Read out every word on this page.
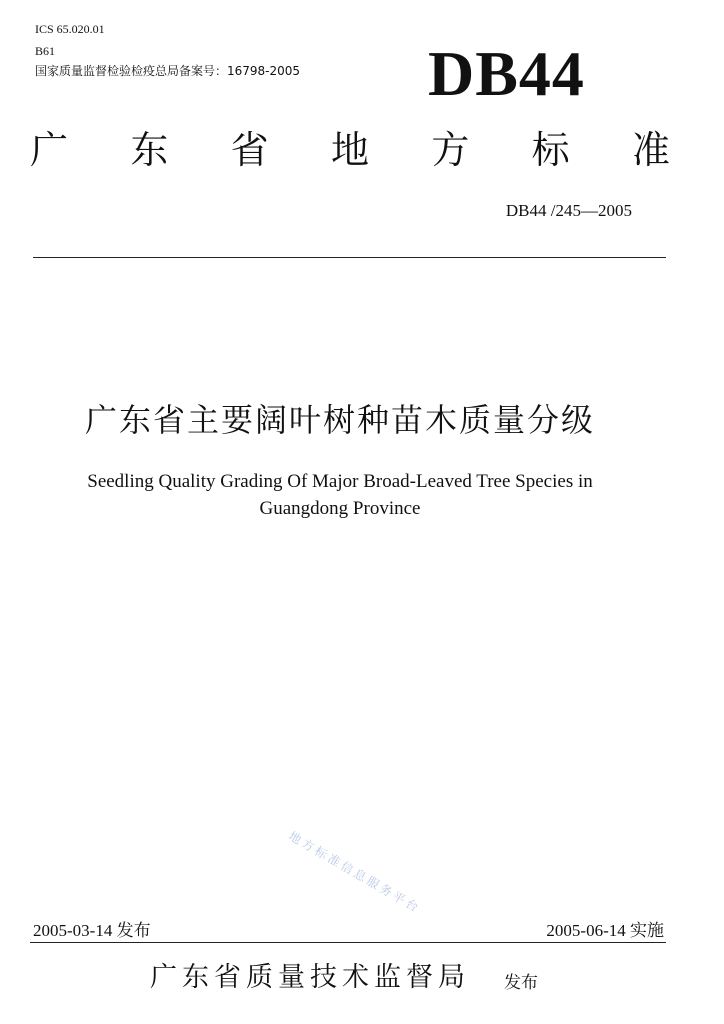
ICS 65.020.01
B61
国家质量监督检验检疫总局备案号：16798-2005 DB44
广 东 省 地 方 标 准
DB44 /245—2005
广东省主要阔叶树种苗木质量分级
Seedling Quality Grading Of Major Broad-Leaved Tree Species in
Guangdong Province
地方标准信息服务平台
2005-03-14 发布	2005-06-14 实施
广东省质量技术监督局 发布
